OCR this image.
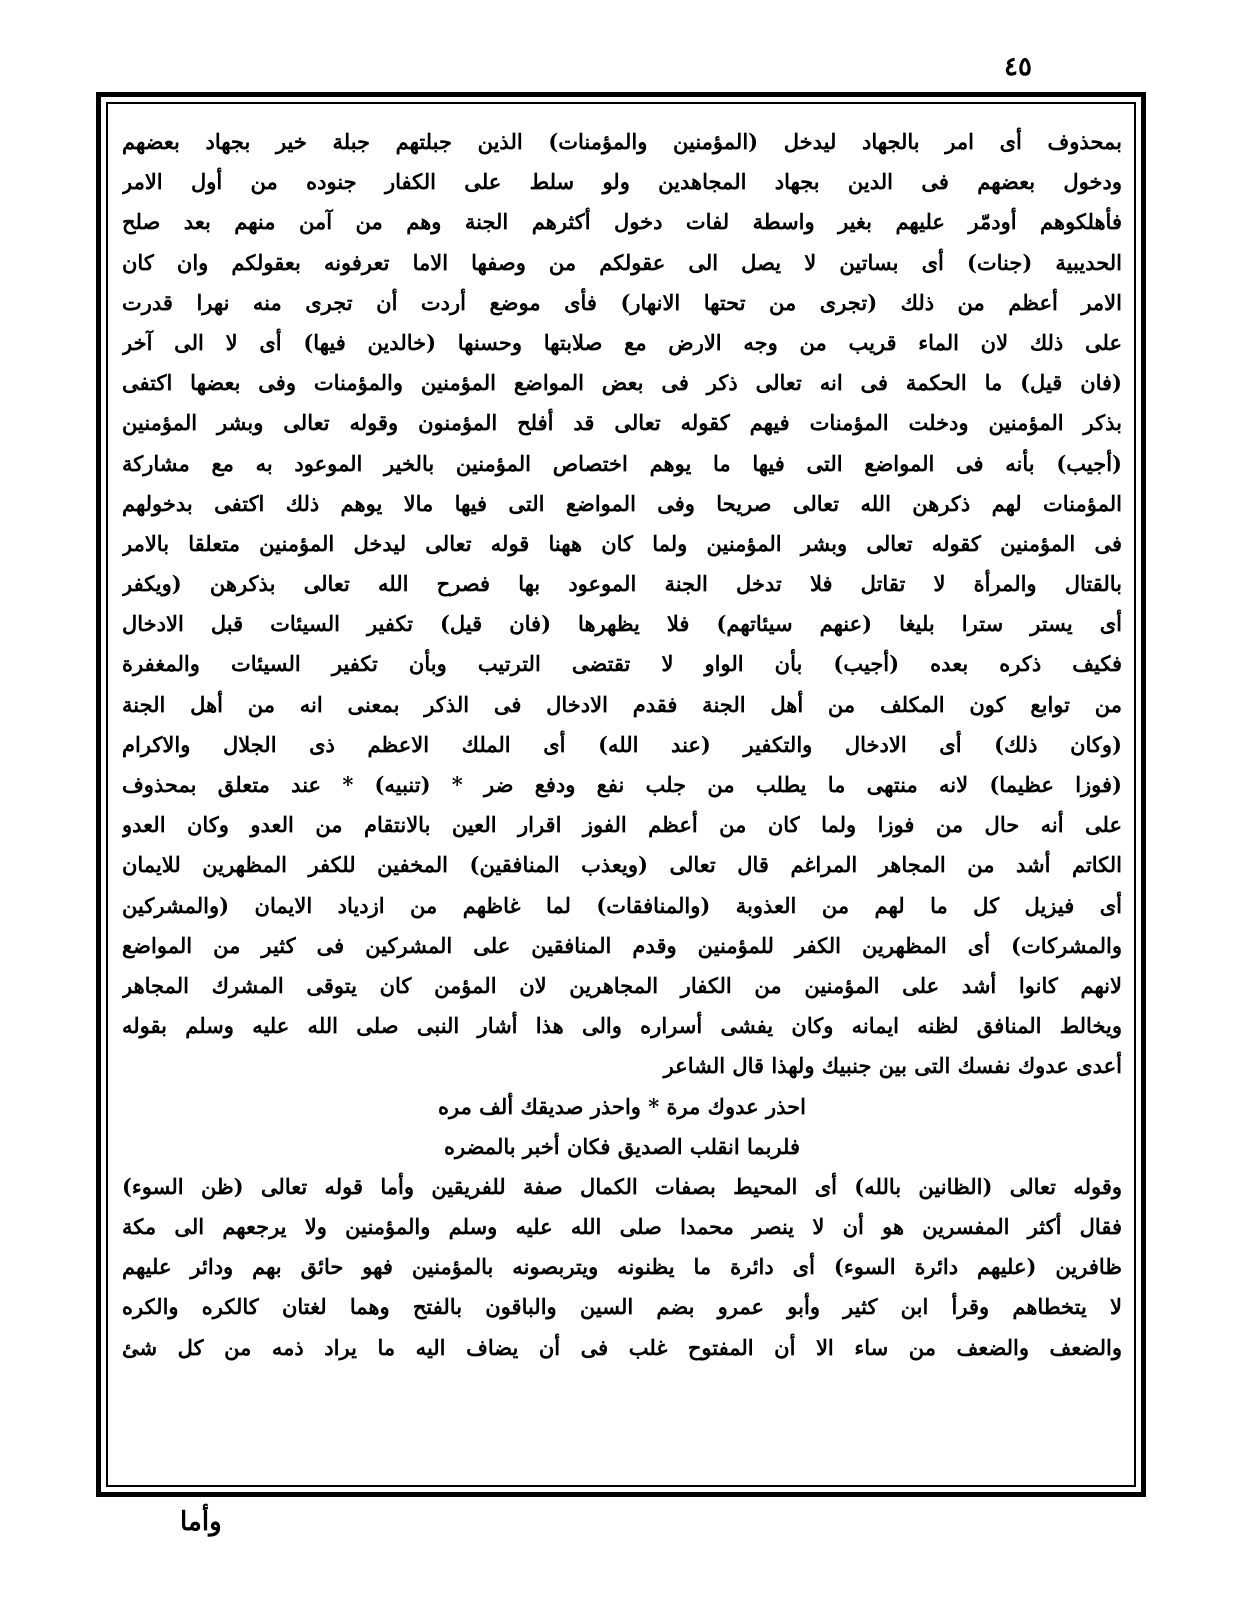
٤٥
بمحذوف أى امر بالجهاد ليدخل (المؤمنين والمؤمنات) الذين جبلتهم جبلة خير بجهاد بعضهم
ودخول بعضهم فى الدين بجهاد المجاهدين ولو سلط على الكفار جنوده من أول الامر
فأهلكوهم أودمّر عليهم بغير واسطة لفات دخول أكثرهم الجنة وهم من آمن منهم بعد صلح
الحديبية (جنات) أى بساتين لا يصل الى عقولكم من وصفها الاما تعرفونه بعقولكم وان كان
الامر أعظم من ذلك (تجرى من تحتها الانهار) فأى موضع أردت أن تجرى منه نهرا قدرت
على ذلك لان الماء قريب من وجه الارض مع صلابتها وحسنها (خالدين فيها) أى لا الى آخر
(فان قيل) ما الحكمة فى انه تعالى ذكر فى بعض المواضع المؤمنين والمؤمنات وفى بعضها اكتفى
بذكر المؤمنين ودخلت المؤمنات فيهم كقوله تعالى قد أفلح المؤمنون وقوله تعالى وبشر المؤمنين
(أجيب) بأنه فى المواضع التى فيها ما يوهم اختصاص المؤمنين بالخير الموعود به مع مشاركة
المؤمنات لهم ذكرهن الله تعالى صريحا وفى المواضع التى فيها مالا يوهم ذلك اكتفى بدخولهم
فى المؤمنين كقوله تعالى وبشر المؤمنين ولما كان ههنا قوله تعالى ليدخل المؤمنين متعلقا بالامر
بالقتال والمرأة لا تقاتل فلا تدخل الجنة الموعود بها فصرح الله تعالى بذكرهن (ويكفر
أى يستر سترا بليغا (عنهم سيئاتهم) فلا يظهرها (فان قيل) تكفير السيئات قبل الادخال
فكيف ذكره بعده (أجيب) بأن الواو لا تقتضى الترتيب وبأن تكفير السيئات والمغفرة
من توابع كون المكلف من أهل الجنة فقدم الادخال فى الذكر بمعنى انه من أهل الجنة
(وكان ذلك) أى الادخال والتكفير (عند الله) أى الملك الاعظم ذى الجلال والاكرام
(فوزا عظيما) لانه منتهى ما يطلب من جلب نفع ودفع ضر * (تنبيه) * عند متعلق بمحذوف
على أنه حال من فوزا ولما كان من أعظم الفوز اقرار العين بالانتقام من العدو وكان العدو
الكاتم أشد من المجاهر المراغم قال تعالى (ويعذب المنافقين) المخفين للكفر المظهرين للايمان
أى فيزيل كل ما لهم من العذوبة (والمنافقات) لما غاظهم من ازدياد الايمان (والمشركين
والمشركات) أى المظهرين الكفر للمؤمنين وقدم المنافقين على المشركين فى كثير من المواضع
لانهم كانوا أشد على المؤمنين من الكفار المجاهرين لان المؤمن كان يتوقى المشرك المجاهر
ويخالط المنافق لظنه ايمانه وكان يفشى أسراره والى هذا أشار النبى صلى الله عليه وسلم بقوله
أعدى عدوك نفسك التى بين جنبيك ولهذا قال الشاعر
احذر عدوك مرة * واحذر صديقك ألف مره
فلربما انقلب الصديق فكان أخبر بالمضره
وقوله تعالى (الظانين بالله) أى المحيط بصفات الكمال صفة للفريقين وأما قوله تعالى (ظن السوء)
فقال أكثر المفسرين هو أن لا ينصر محمدا صلى الله عليه وسلم والمؤمنين ولا يرجعهم الى مكة
ظافرين (عليهم دائرة السوء) أى دائرة ما يظنونه ويتربصونه بالمؤمنين فهو حائق بهم ودائر عليهم
لا يتخطاهم وقرأ ابن كثير وأبو عمرو بضم السين والباقون بالفتح وهما لغتان كالكره والكره
والضعف والضعف من ساء الا أن المفتوح غلب فى أن يضاف اليه ما يراد ذمه من كل شئ
وأما
